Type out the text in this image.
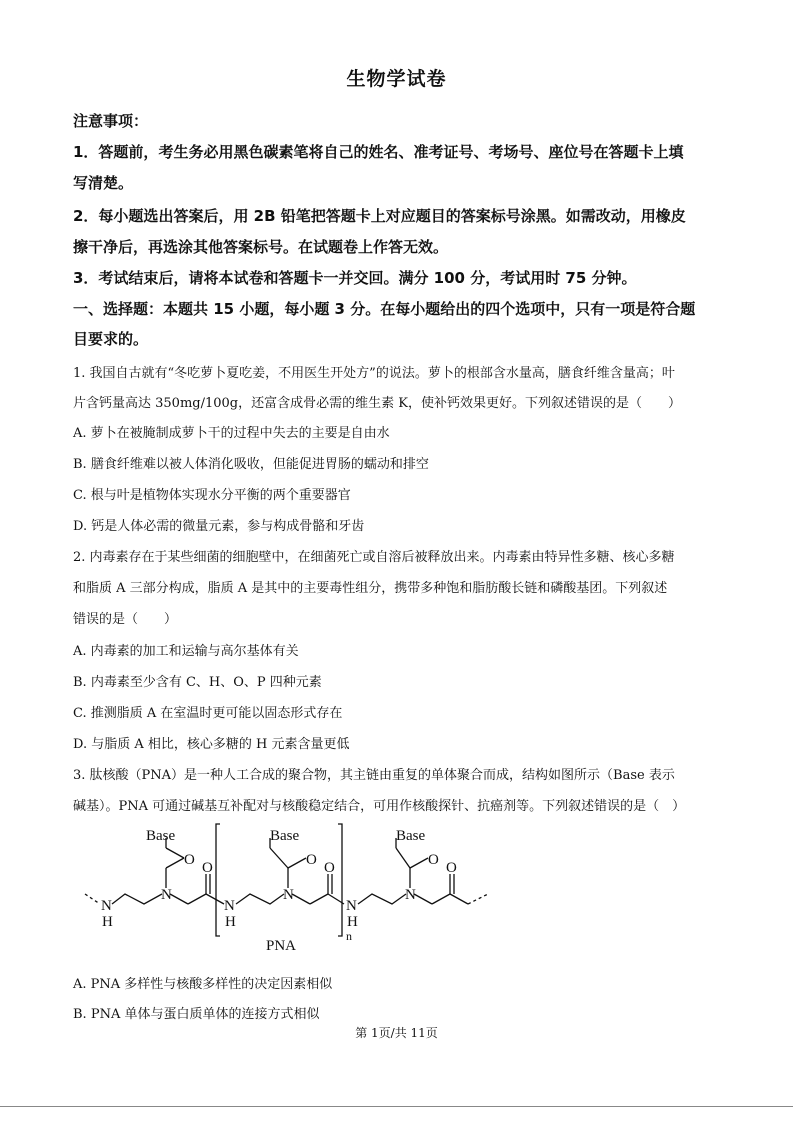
生物学试卷
注意事项：
1．答题前，考生务必用黑色碳素笔将自己的姓名、准考证号、考场号、座位号在答题卡上填
写清楚。
2．每小题选出答案后，用 2B 铅笔把答题卡上对应题目的答案标号涂黑。如需改动，用橡皮
擦干净后，再选涂其他答案标号。在试题卷上作答无效。
3．考试结束后，请将本试卷和答题卡一并交回。满分 100 分，考试用时 75 分钟。
一、选择题：本题共 15 小题，每小题 3 分。在每小题给出的四个选项中，只有一项是符合题
目要求的。
1. 我国自古就有“冬吃萝卜夏吃姜，不用医生开处方”的说法。萝卜的根部含水量高，膳食纤维含量高；叶
片含钙量高达 350mg/100g，还富含成骨必需的维生素 K，使补钙效果更好。下列叙述错误的是（　　）
A. 萝卜在被腌制成萝卜干的过程中失去的主要是自由水
B. 膳食纤维难以被人体消化吸收，但能促进胃肠的蠕动和排空
C. 根与叶是植物体实现水分平衡的两个重要器官
D. 钙是人体必需的微量元素，参与构成骨骼和牙齿
2. 内毒素存在于某些细菌的细胞壁中，在细菌死亡或自溶后被释放出来。内毒素由特异性多糖、核心多糖
和脂质 A 三部分构成，脂质 A 是其中的主要毒性组分，携带多种饱和脂肪酸长链和磷酸基团。下列叙述
错误的是（　　）
A. 内毒素的加工和运输与高尔基体有关
B. 内毒素至少含有 C、H、O、P 四种元素
C. 推测脂质 A 在室温时更可能以固态形式存在
D. 与脂质 A 相比，核心多糖的 H 元素含量更低
3. 肽核酸（PNA）是一种人工合成的聚合物，其主链由重复的单体聚合而成，结构如图所示（Base 表示
碱基）。PNA 可通过碱基互补配对与核酸稳定结合，可用作核酸探针、抗癌剂等。下列叙述错误的是（　）
Base	Base	Base
O	O	O
O	O	O
N	N	N
N
H
N
H
N
H
n
PNA
A. PNA 多样性与核酸多样性的决定因素相似
B. PNA 单体与蛋白质单体的连接方式相似
第 1页/共 11页
